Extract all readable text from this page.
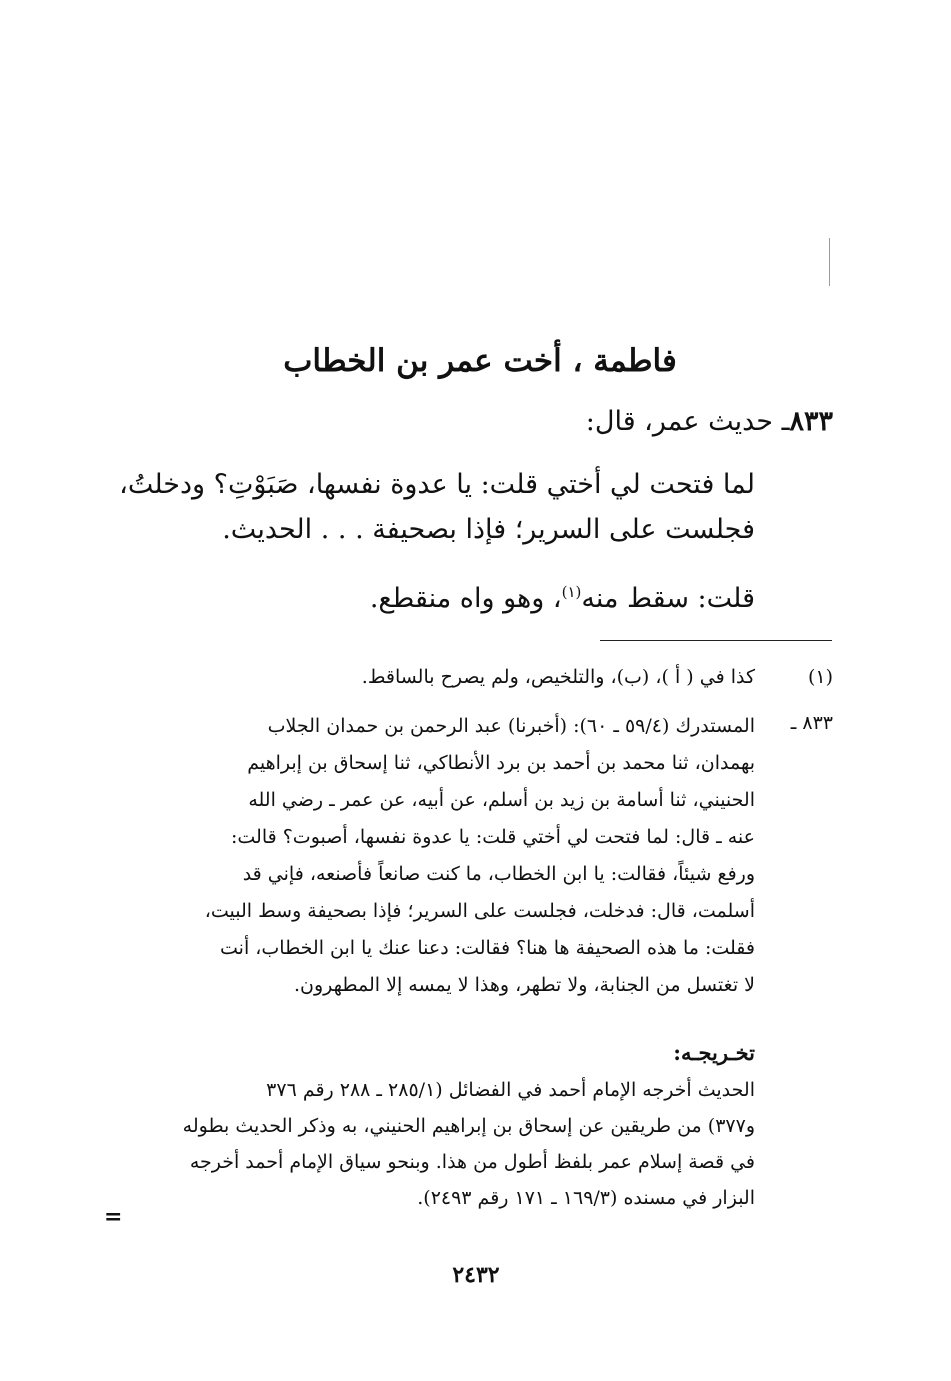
فاطمة ، أخت عمر بن الخطاب
٨٣٣ـ حديث عمر، قال:

لما فتحت لي أختي قلت: يا عدوة نفسها، صَبَوْتِ؟ ودخلتُ،

فجلست على السرير؛ فإذا بصحيفة . . . الحديث.

قلت: سقط منه$^{(١)}$، وهو واه منقطع.
(١)

كذا في ( أ )، (ب)، والتلخيص، ولم يصرح بالساقط.

٨٣٣ ـ

المستدرك (٥٩/٤ ـ ٦٠): (أخبرنا) عبد الرحمن بن حمدان الجلاب

بهمدان، ثنا محمد بن أحمد بن برد الأنطاكي، ثنا إسحاق بن إبراهيم

الحنيني، ثنا أسامة بن زيد بن أسلم، عن أبيه، عن عمر ـ رضي الله

عنه ـ قال: لما فتحت لي أختي قلت: يا عدوة نفسها، أصبوت؟ قالت:

ورفع شيئاً، فقالت: يا ابن الخطاب، ما كنت صانعاً فأصنعه، فإني قد

أسلمت، قال: فدخلت، فجلست على السرير؛ فإذا بصحيفة وسط البيت،

فقلت: ما هذه الصحيفة ها هنا؟ فقالت: دعنا عنك يا ابن الخطاب، أنت

لا تغتسل من الجنابة، ولا تطهر، وهذا لا يمسه إلا المطهرون.

تخـريجـه:

الحديث أخرجه الإمام أحمد في الفضائل (٢٨٥/١ ـ ٢٨٨ رقم ٣٧٦

و٣٧٧) من طريقين عن إسحاق بن إبراهيم الحنيني، به وذكر الحديث بطوله

في قصة إسلام عمر بلفظ أطول من هذا. وبنحو سياق الإمام أحمد أخرجه

البزار في مسنده (١٦٩/٣ ـ ١٧١ رقم ٢٤٩٣).

=
٢٤٣٢
